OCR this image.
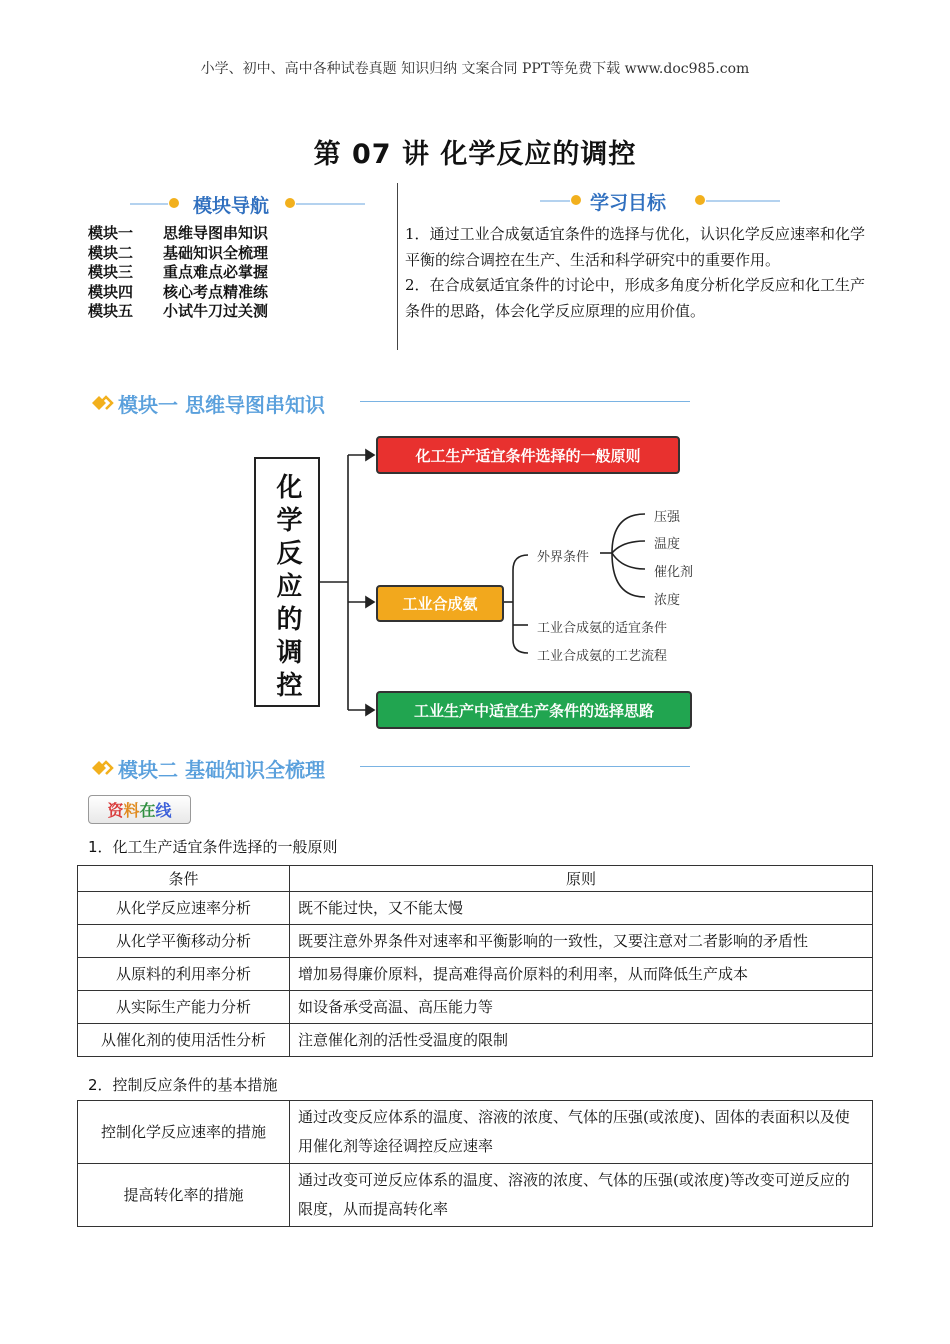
小学、初中、高中各种试卷真题 知识归纳 文案合同 PPT等免费下载 www.doc985.com
第 07 讲 化学反应的调控
模块导航	学习目标
模块一 思维导图串知识
模块二 基础知识全梳理
模块三 重点难点必掌握
模块四 核心考点精准练
模块五 小试牛刀过关测

1．通过工业合成氨适宜条件的选择与优化，认识化学反应速率和化学平衡的综合调控在生产、生活和科学研究中的重要作用。

2．在合成氨适宜条件的讨论中，形成多角度分析化学反应和化工生产条件的思路，体会化学反应原理的应用价值。

模块一 思维导图串知识
化学反应的调控
化工生产适宜条件选择的一般原则
工业合成氨
工业生产中适宜生产条件的选择思路
外界条件
压强
温度
催化剂
浓度
工业合成氨的适宜条件
工业合成氨的工艺流程
模块二 基础知识全梳理
资 料 在 线
1．化工生产适宜条件选择的一般原则
条件	原则
从化学反应速率分析	既不能过快，又不能太慢
从化学平衡移动分析	既要注意外界条件对速率和平衡影响的一致性，又要注意对二者影响的矛盾性
从原料的利用率分析	增加易得廉价原料，提高难得高价原料的利用率，从而降低生产成本
从实际生产能力分析	如设备承受高温、高压能力等
从催化剂的使用活性分析	注意催化剂的活性受温度的限制
2．控制反应条件的基本措施
控制化学反应速率的措施	通过改变反应体系的温度、溶液的浓度、气体的压强(或浓度)、固体的表面积以及使用催化剂等途径调控反应速率
提高转化率的措施	通过改变可逆反应体系的温度、溶液的浓度、气体的压强(或浓度)等改变可逆反应的限度，从而提高转化率
